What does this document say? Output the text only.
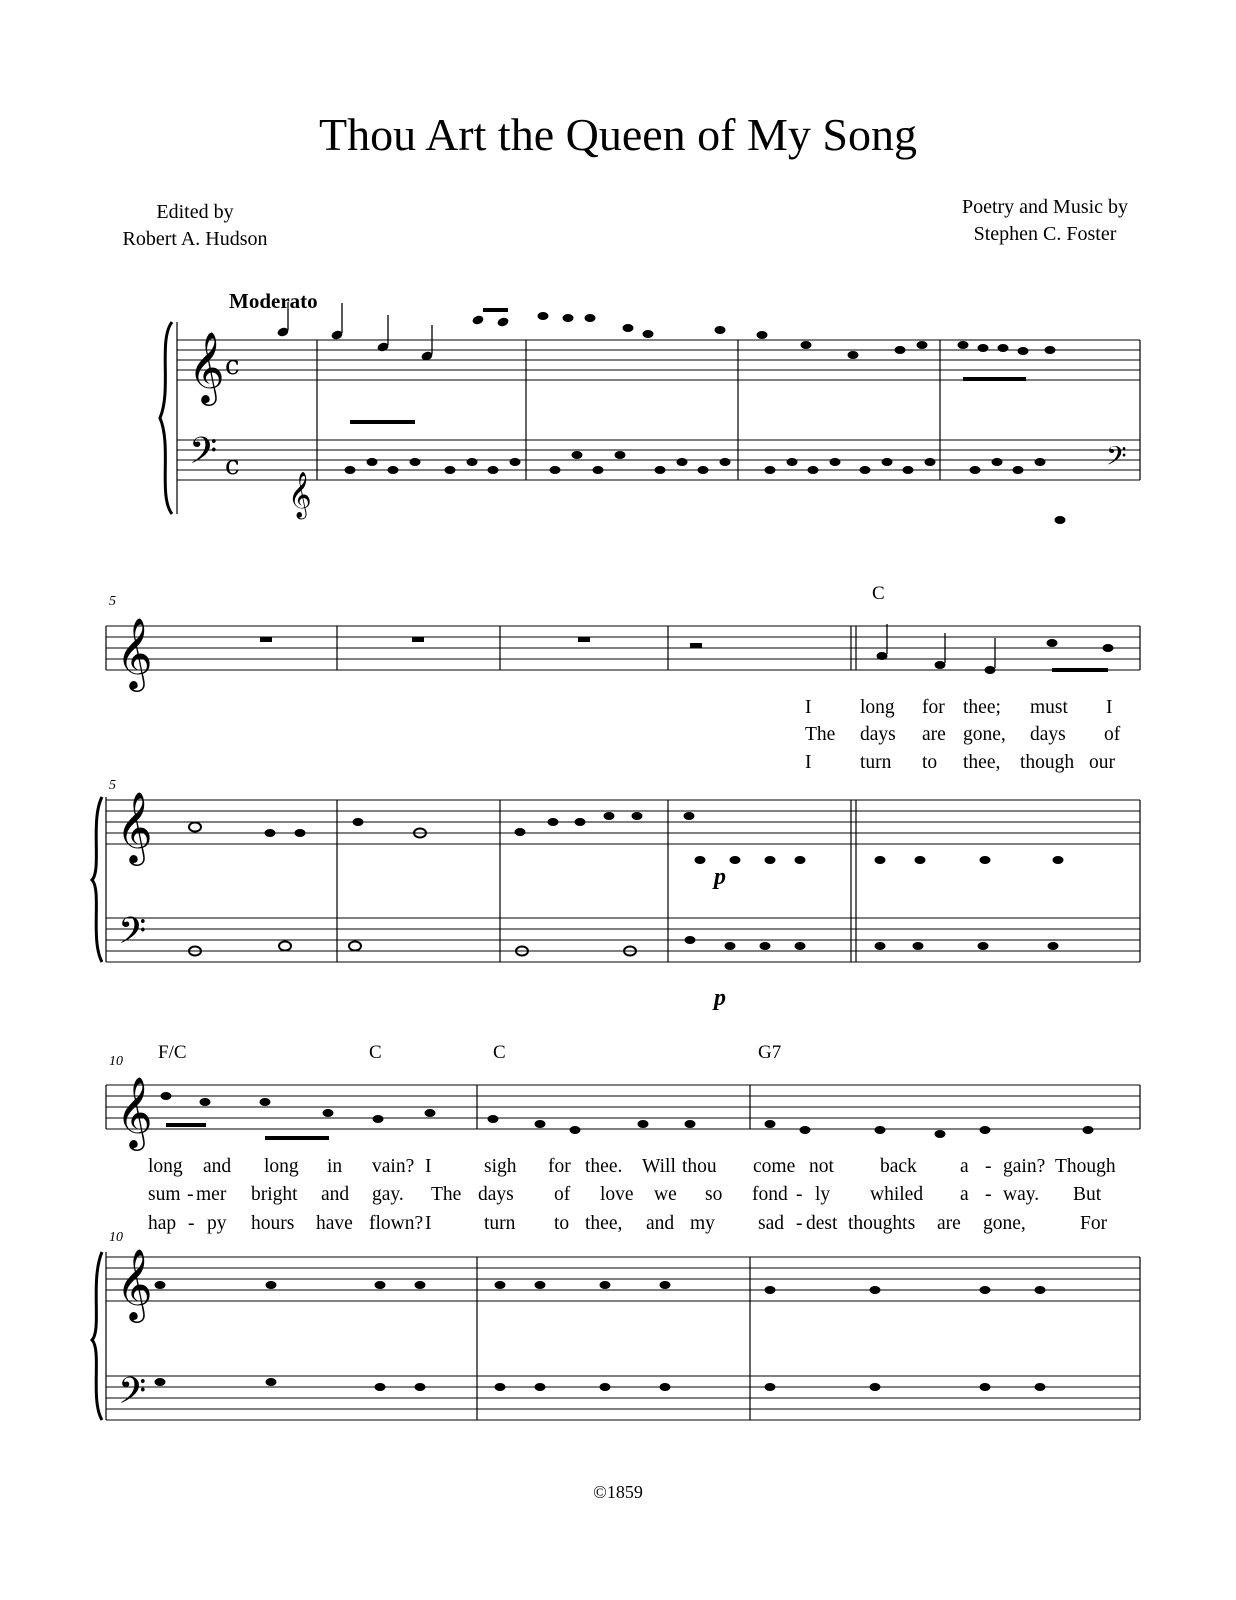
Thou Art the Queen of My Song
Edited by
Robert A. Hudson
Poetry and Music by
Stephen C. Foster
Moderato
5
5
10
10
C
F/C	C	C	G7
p
p
I long for thee; must I
The days are gone, days of
I turn to thee, though our
long and long in vain? I	sigh for thee. Will thou come not back a - gain? Though
sum - mer bright and gay. The days of love we so fond - ly whiled a - way. But
hap - py hours have flown? I	turn to thee, and my sad - dest thoughts are gone,	For
©1859
𝄞
𝄢
c
c
𝄞
𝄢
𝄞
𝄞
𝄢
𝄞
𝄞
𝄢
